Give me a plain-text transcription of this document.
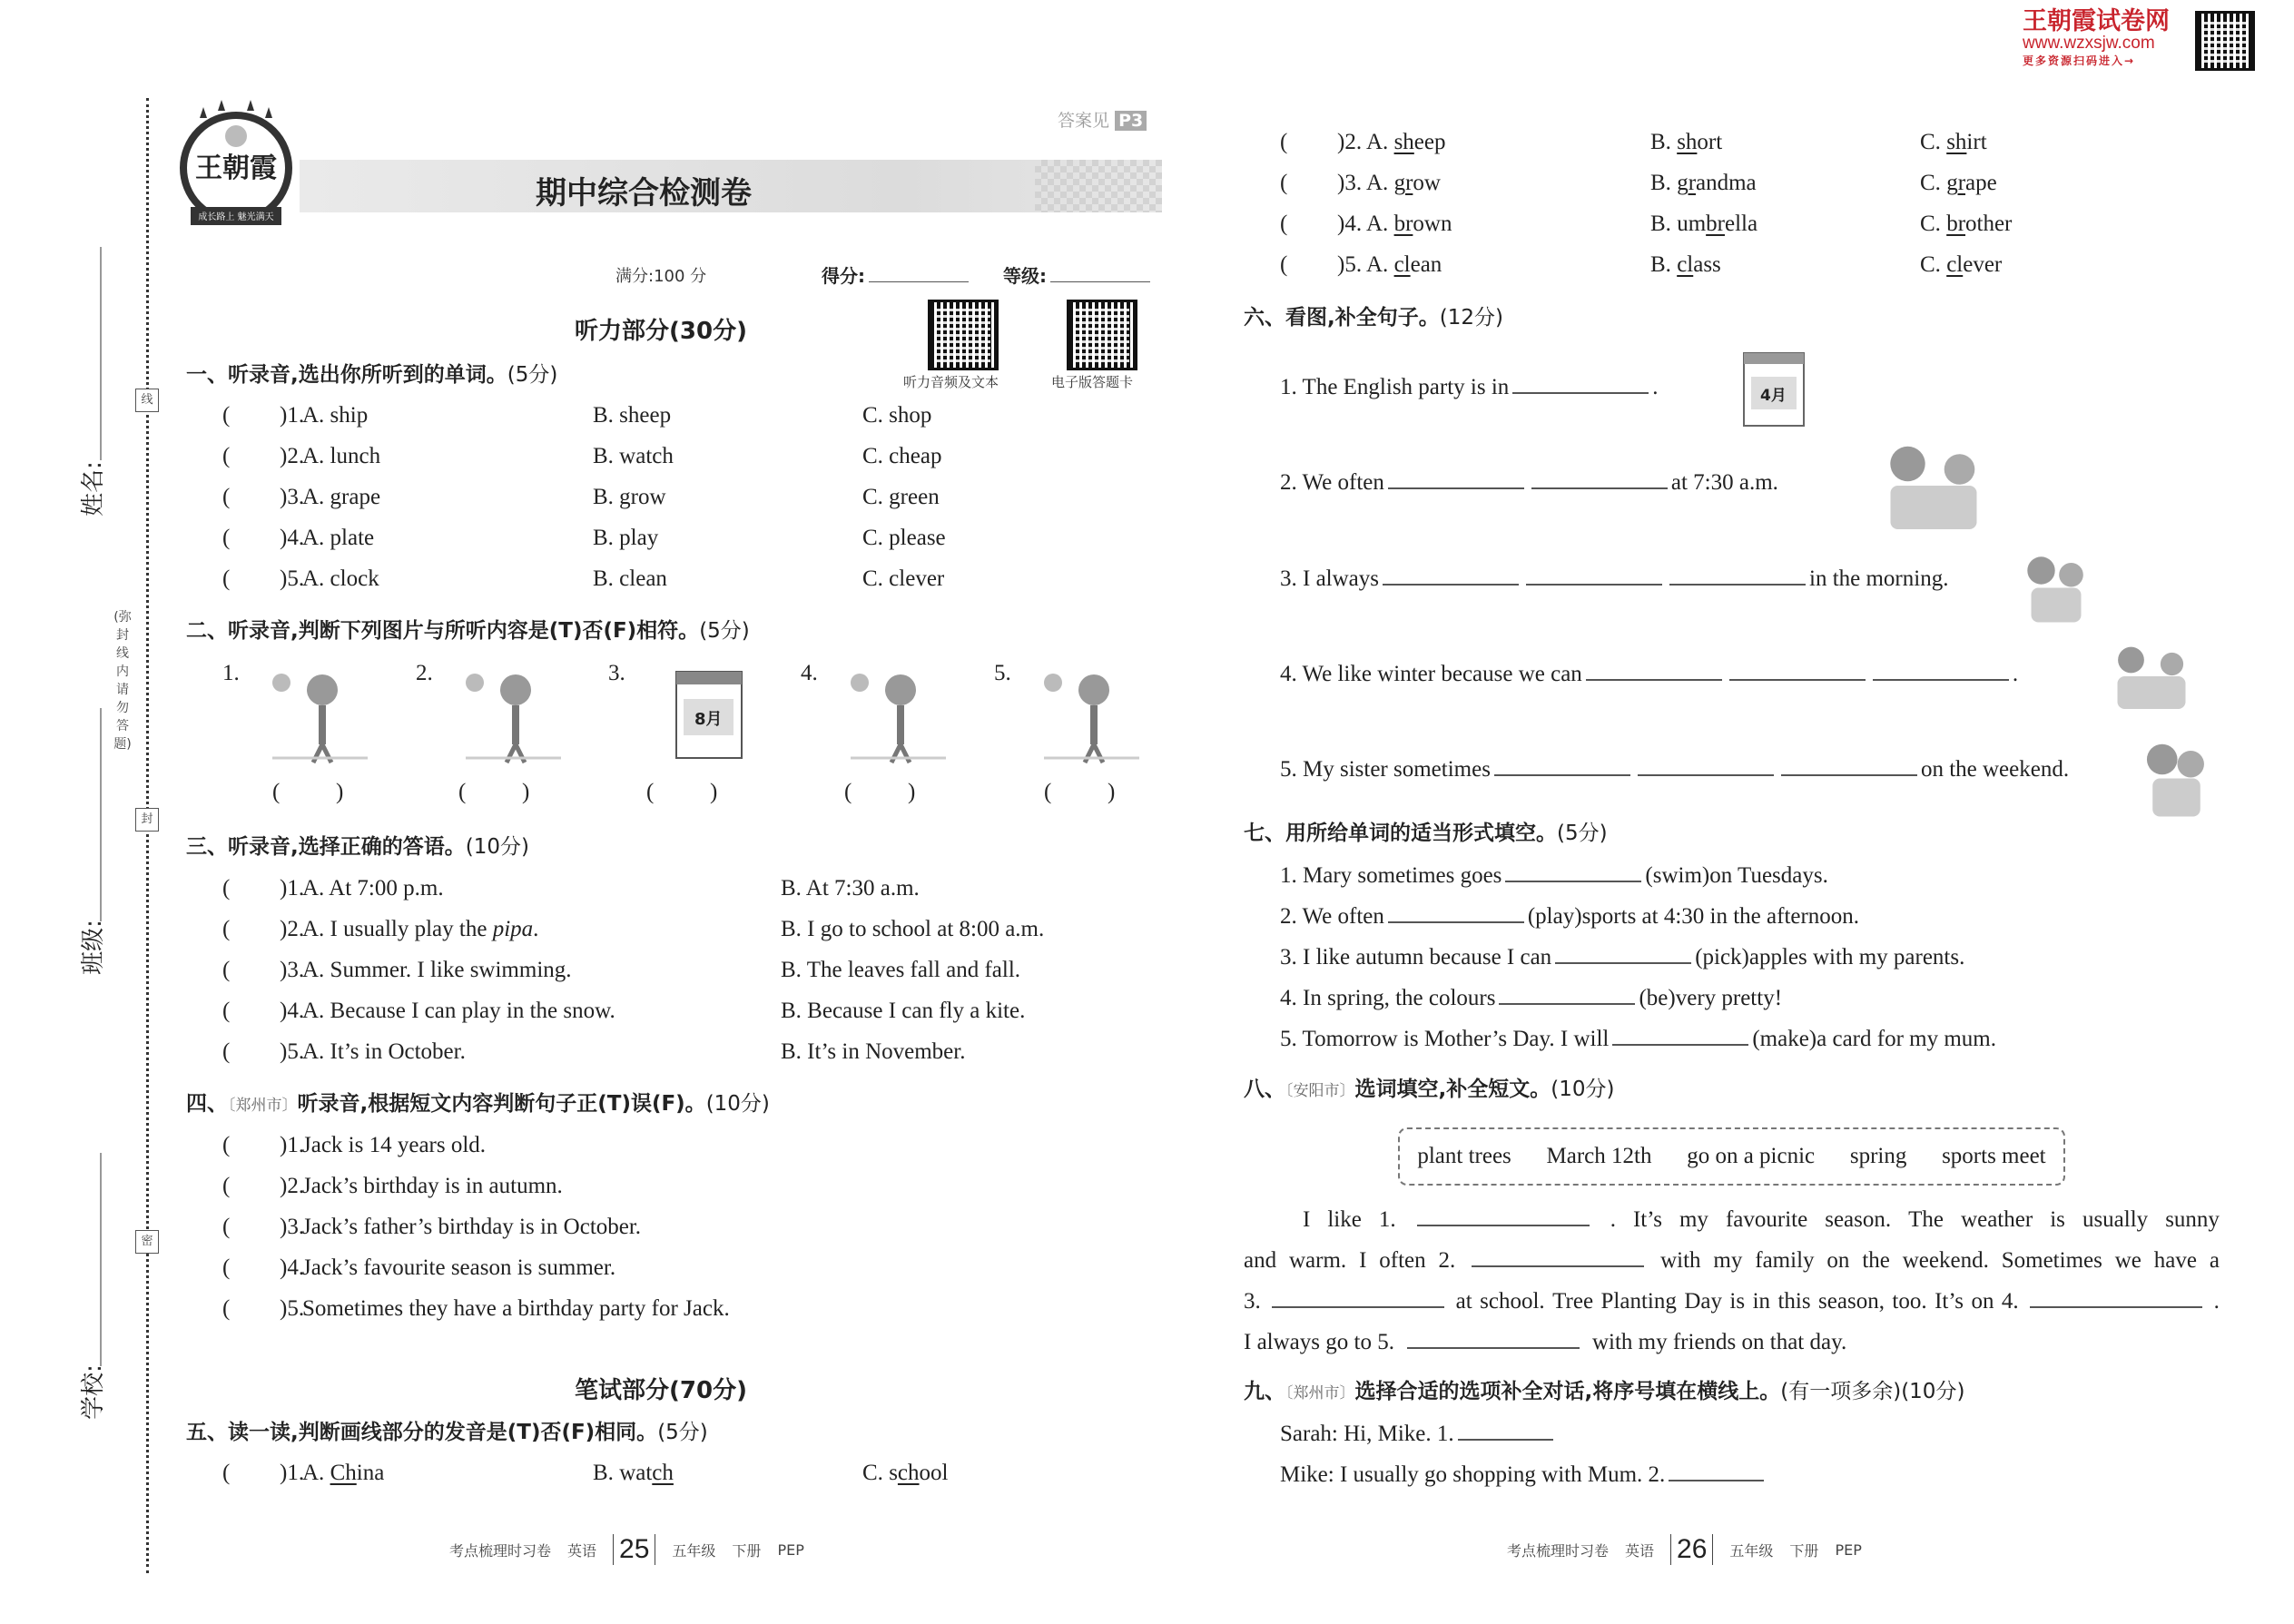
王朝霞试卷网
www.wzxsjw.com
更多资源扫码进入→
线
封
密
姓名:
班级:
学校:
(弥封线内请勿答题)
王朝霞
成长路上 魅光满天
期中综合检测卷
答案见 P3
满分:100 分	得分:	等级:
听力音频及文本	电子版答题卡
听力部分(30分)
笔试部分(70分)
plant trees March 12th go on a picnic spring sports meet
一、听录音,选出你所听到的单词。(5分)
( )1.
A. ship	B. sheep	C. shop
( )2.
A. lunch	B. watch	C. cheap
( )3.
A. grape	B. grow	C. green
( )4.
A. plate	B. play	C. please
( )5.
A. clock	B. clean	C. clever
二、听录音,判断下列图片与所听内容是(T)否(F)相符。(5分)
1.
( )
2.
( )
3.
8月
( )
4.
( )
5.
( )
三、听录音,选择正确的答语。(10分)
( )1.
A. At 7:00 p.m.	B. At 7:30 a.m.
( )2.
A. I usually play the pipa.	B. I go to school at 8:00 a.m.
( )3.
A. Summer. I like swimming.	B. The leaves fall and fall.
( )4.
A. Because I can play in the snow.	B. Because I can fly a kite.
( )5.
A. It’s in October.	B. It’s in November.
四、〔郑州市〕听录音,根据短文内容判断句子正(T)误(F)。(10分)
( )1.
Jack is 14 years old.
( )2.
Jack’s birthday is in autumn.
( )3.
Jack’s father’s birthday is in October.
( )4.
Jack’s favourite season is summer.
( )5.
Sometimes they have a birthday party for Jack.
五、读一读,判断画线部分的发音是(T)否(F)相同。(5分)
( )1.
A. China	B. watch	C. school
( )2. A. sheep	B. short	C. shirt
( )3. A. grow	B. grandma	C. grape
( )4. A. brown	B. umbrella	C. brother
( )5. A. clean	B. class	C. clever
六、看图,补全句子。(12分)
1. The English party is in	.
2. We often	at 7:30 a.m.
3. I always	in the morning.
4. We like winter because we can	.
5. My sister sometimes	on the weekend.
4月
七、用所给单词的适当形式填空。(5分)
1. Mary sometimes goes	(swim)on Tuesdays.
2. We often	(play)sports at 4:30 in the afternoon.
3. I like autumn because I can	(pick)apples with my parents.
4. In spring, the colours	(be)very pretty!
5. Tomorrow is Mother’s Day. I will	(make)a card for my mum.
八、〔安阳市〕选词填空,补全短文。(10分)
I like 1.	. It’s my favourite season. The weather is usually sunny
and warm. I often 2.	with my family on the weekend. Sometimes we have a
3.	at school. Tree Planting Day is in this season, too. It’s on 4.	.
I always go to 5.	with my friends on that day.
九、〔郑州市〕选择合适的选项补全对话,将序号填在横线上。(有一项多余)(10分)
Sarah: Hi, Mike. 1.
Mike: I usually go shopping with Mum. 2.
考点梳理时习卷 英语 25	五年级 下册 PEP	考点梳理时习卷 英语 26	五年级 下册 PEP
